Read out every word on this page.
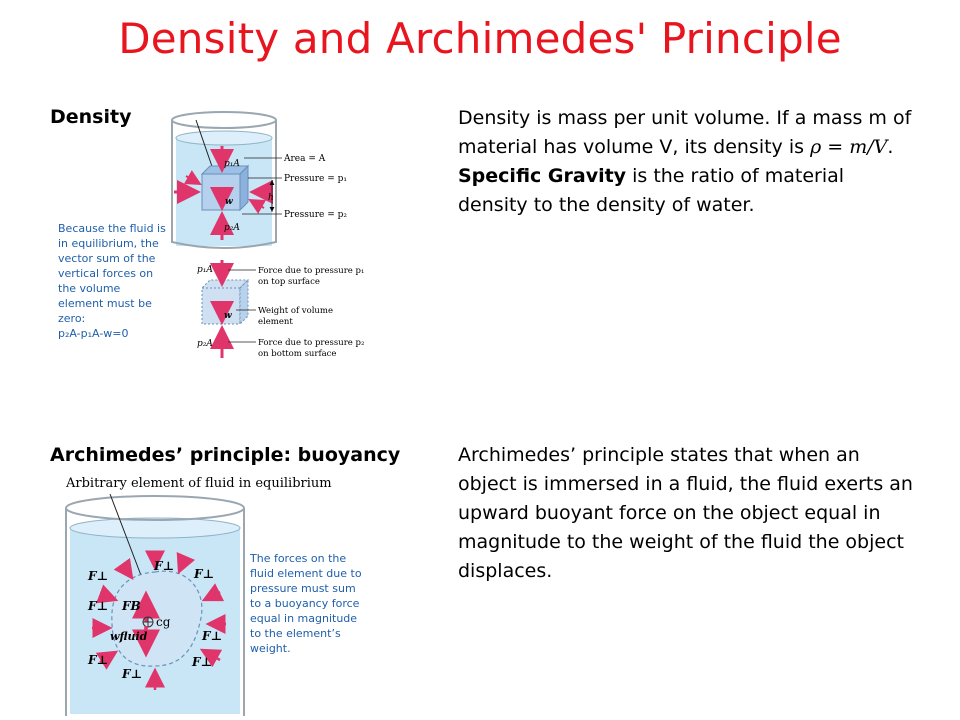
Density and Archimedes' Principle
Density	Density is mass per unit volume. If a mass m of material has volume V, its density is ρ = m/V. Specific Gravity is the ratio of material density to the density of water.
Because the fluid is in equilibrium, the vector sum of the vertical forces on the volume element must be zero:
p₂A-p₁A-w=0
w
p₁A
p₂A
h
Area = A
Pressure = p₁
Pressure = p₂
p₁A
w
p₂A
Force due to pressure p₁
on top surface
Weight of volume
element
Force due to pressure p₂
on bottom surface
Archimedes’ principle: buoyancy	Archimedes’ principle states that when an object is immersed in a fluid, the fluid exerts an upward buoyant force on the object equal in magnitude to the weight of the fluid the object displaces.
Arbitrary element of fluid in equilibrium
The forces on the fluid element due to pressure must sum to a buoyancy force equal in magnitude to the element’s weight.
F⊥
F⊥
F⊥
F⊥ FB
wfluid	F⊥
F⊥	F⊥
F⊥
cg
